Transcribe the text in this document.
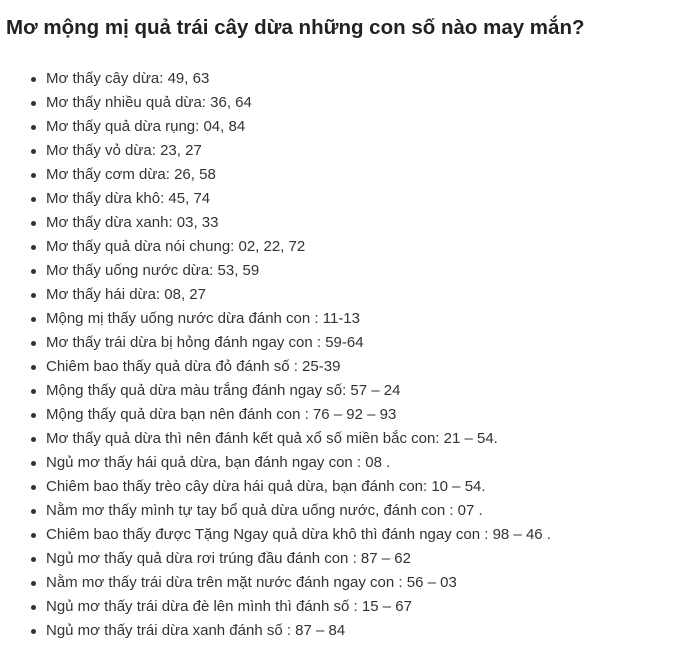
Mơ mộng mị quả trái cây dừa những con số nào may mắn?
Mơ thấy cây dừa: 49, 63
Mơ thấy nhiều quả dừa: 36, 64
Mơ thấy quả dừa rụng: 04, 84
Mơ thấy vỏ dừa: 23, 27
Mơ thấy cơm dừa: 26, 58
Mơ thấy dừa khô: 45, 74
Mơ thấy dừa xanh: 03, 33
Mơ thấy quả dừa nói chung: 02, 22, 72
Mơ thấy uống nước dừa: 53, 59
Mơ thấy hái dừa: 08, 27
Mộng mị thấy uống nước dừa đánh con : 11-13
Mơ thấy trái dừa bị hỏng đánh ngay con : 59-64
Chiêm bao thấy quả dừa đỏ đánh số : 25-39
Mộng thấy quả dừa màu trắng đánh ngay số: 57 – 24
Mộng thấy quả dừa bạn nên đánh con : 76 – 92 – 93
Mơ thấy quả dừa thì nên đánh kết quả xổ số miền bắc con: 21 – 54.
Ngủ mơ thấy hái quả dừa, bạn đánh ngay con : 08 .
Chiêm bao thấy trèo cây dừa hái quả dừa, bạn đánh con: 10 – 54.
Nằm mơ thấy mình tự tay bổ quả dừa uống nước, đánh con : 07 .
Chiêm bao thấy được Tặng Ngay quả dừa khô thì đánh ngay con : 98 – 46 .
Ngủ mơ thấy quả dừa rơi trúng đầu đánh con : 87 – 62
Nằm mơ thấy trái dừa trên mặt nước đánh ngay con : 56 – 03
Ngủ mơ thấy trái dừa đè lên mình thì đánh số : 15 – 67
Ngủ mơ thấy trái dừa xanh đánh số : 87 – 84
